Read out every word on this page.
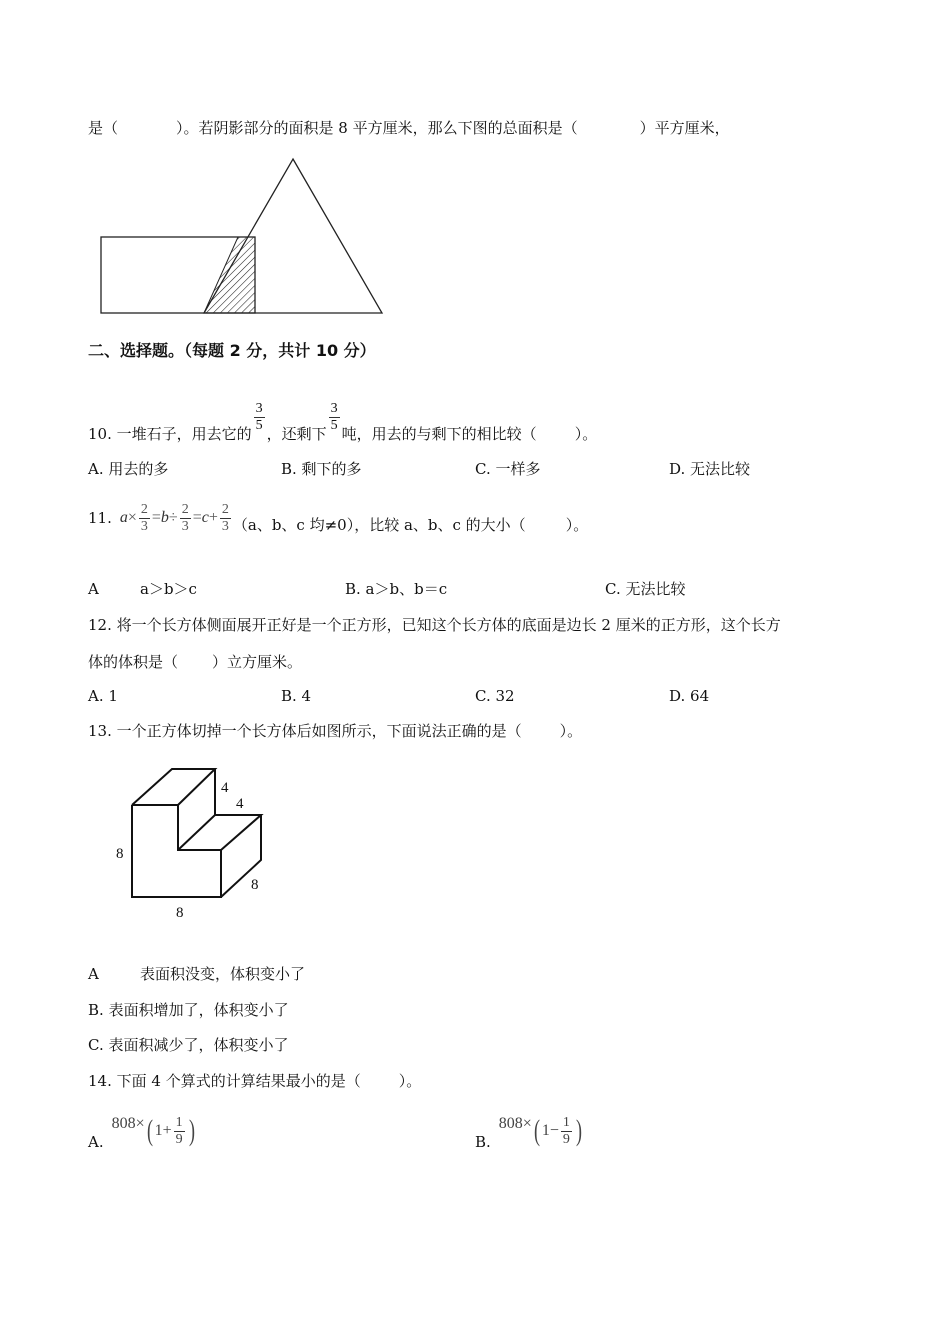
是（	）。若阴影部分的面积是 8 平方厘米，那么下图的总面积是（	）平方厘米，
二、选择题。（每题 2 分，共计 10 分）
10.
一堆石子，用去它的 $\frac{3}{5}$ ，还剩下 $\frac{3}{5}$ 吨，用去的与剩下的相比较（	）。
A. 用去的多	B. 剩下的多	C. 一样多	D. 无法比较
11. $a \times \frac{2}{3} = b \div \frac{2}{3} = c + \frac{2}{3} (a$、b、c 均≠0），比较 a、b、c 的大小（	）。
A	a＞b＞c	B. a＞b、b＝c	C. 无法比较
12. 将一个长方体侧面展开正好是一个正方形，已知这个长方体的底面是边长 2 厘米的正方形，这个长方
体的体积是（ ）立方厘米。
A. 1	B. 4	C. 32	D. 64
13. 一个正方体切掉一个长方体后如图所示，下面说法正确的是（	）。
4
4
8
8
8
A	表面积没变，体积变小了
B. 表面积增加了，体积变小了
C. 表面积减少了，体积变小了
14. 下面 4 个算式的计算结果最小的是（	）。
A.
808× ( $1 + \frac{1}{9}$ )	B.
808× ( $1 - \frac{1}{9}$ )
